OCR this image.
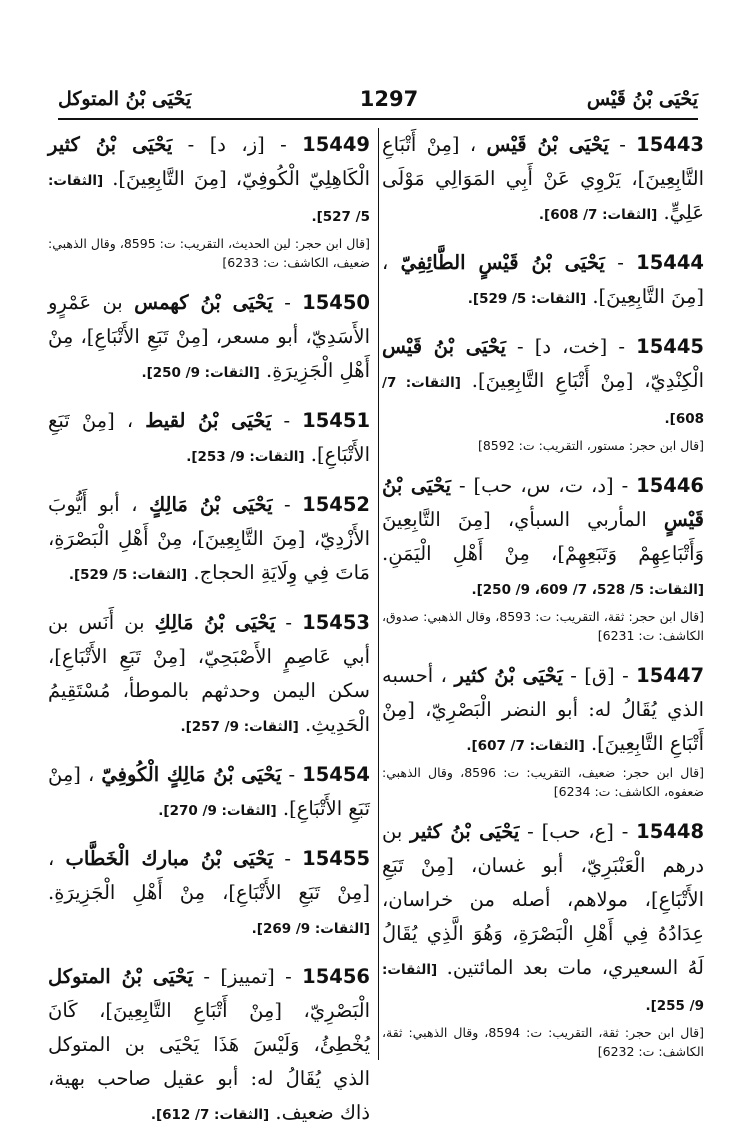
يَحْيَى بْنُ قَيْس
1297
يَحْيَى بْنُ المتوكل
15443 - يَحْيَى بْنُ قَيْس ، [مِنْ أَتْبَاعِ التَّابِعِينَ]، يَرْوِي عَنْ أَبِي المَوَالِي مَوْلَى عَلِيٍّ. [الثقات: 7/ 608].
15444 - يَحْيَى بْنُ قَيْسٍ الطَّائِفِيّ ، [مِنَ التَّابِعِينَ]. [الثقات: 5/ 529].
15445 - [خت، د] - يَحْيَى بْنُ قَيْس الْكِنْدِيّ، [مِنْ أَتْبَاعِ التَّابِعِينَ]. [الثقات: 7/ 608].
[قال ابن حجر: مستور، التقريب: ت: 8592]
15446 - [د، ت، س، حب] - يَحْيَى بْنُ قَيْسٍ المأربي السبأي، [مِنَ التَّابِعِينَ وَأَتْبَاعِهِمْ وَتَبَعِهِمْ]، مِنْ أَهْلِ الْيَمَنِ. [الثقات: 5/ 528، 7/ 609، 9/ 250].
[قال ابن حجر: ثقة، التقريب: ت: 8593، وقال الذهبي: صدوق، الكاشف: ت: 6231]
15447 - [ق] - يَحْيَى بْنُ كثير ، أحسبه الذي يُقَالُ له: أبو النضر الْبَصْرِيّ، [مِنْ أَتْبَاعِ التَّابِعِينَ]. [الثقات: 7/ 607].
[قال ابن حجر: ضعيف، التقريب: ت: 8596، وقال الذهبي: ضعفوه، الكاشف: ت: 6234]
15448 - [ع، حب] - يَحْيَى بْنُ كثير بن درهم الْعَنْبَرِيّ، أبو غسان، [مِنْ تَبَعِ الأَتْبَاعِ]، مولاهم، أصله من خراسان، عِدَادُهُ فِي أَهْلِ الْبَصْرَةِ، وَهُوَ الَّذِي يُقَالُ لَهُ السعيري، مات بعد المائتين. [الثقات: 9/ 255].
[قال ابن حجر: ثقة، التقريب: ت: 8594، وقال الذهبي: ثقة، الكاشف: ت: 6232]
15449 - [ز، د] - يَحْيَى بْنُ كثير الْكَاهِلِيّ الْكُوفِيّ، [مِنَ التَّابِعِينَ]. [الثقات: 5/ 527].
[قال ابن حجر: لين الحديث، التقريب: ت: 8595، وقال الذهبي: ضعيف، الكاشف: ت: 6233]
15450 - يَحْيَى بْنُ كهمس بن عَمْرٍو الأَسَدِيّ، أبو مسعر، [مِنْ تَبَعِ الأَتْبَاعِ]، مِنْ أَهْلِ الْجَزِيرَةِ. [الثقات: 9/ 250].
15451 - يَحْيَى بْنُ لقيط ، [مِنْ تَبَعِ الأَتْبَاعِ]. [الثقات: 9/ 253].
15452 - يَحْيَى بْنُ مَالِكٍ ، أبو أَيُّوبَ الأَزْدِيّ، [مِنَ التَّابِعِينَ]، مِنْ أَهْلِ الْبَصْرَةِ، مَاتَ فِي وِلَايَةِ الحجاج. [الثقات: 5/ 529].
15453 - يَحْيَى بْنُ مَالِكِ بن أَنَس بن أبي عَاصِمٍ الأَصْبَحِيّ، [مِنْ تَبَعِ الأَتْبَاعِ]، سكن اليمن وحدثهم بالموطأ، مُسْتَقِيمُ الْحَدِيثِ. [الثقات: 9/ 257].
15454 - يَحْيَى بْنُ مَالِكٍ الْكُوفِيّ ، [مِنْ تَبَعِ الأَتْبَاعِ]. [الثقات: 9/ 270].
15455 - يَحْيَى بْنُ مبارك الْخَطَّاب ، [مِنْ تَبَعِ الأَتْبَاعِ]، مِنْ أَهْلِ الْجَزِيرَةِ. [الثقات: 9/ 269].
15456 - [تمييز] - يَحْيَى بْنُ المتوكل الْبَصْرِيّ، [مِنْ أَتْبَاعِ التَّابِعِينَ]، كَانَ يُخْطِئُ، وَلَيْسَ هَذَا يَحْيَى بن المتوكل الذي يُقَالُ له: أبو عقيل صاحب بهية، ذاك ضعيف. [الثقات: 7/ 612].
